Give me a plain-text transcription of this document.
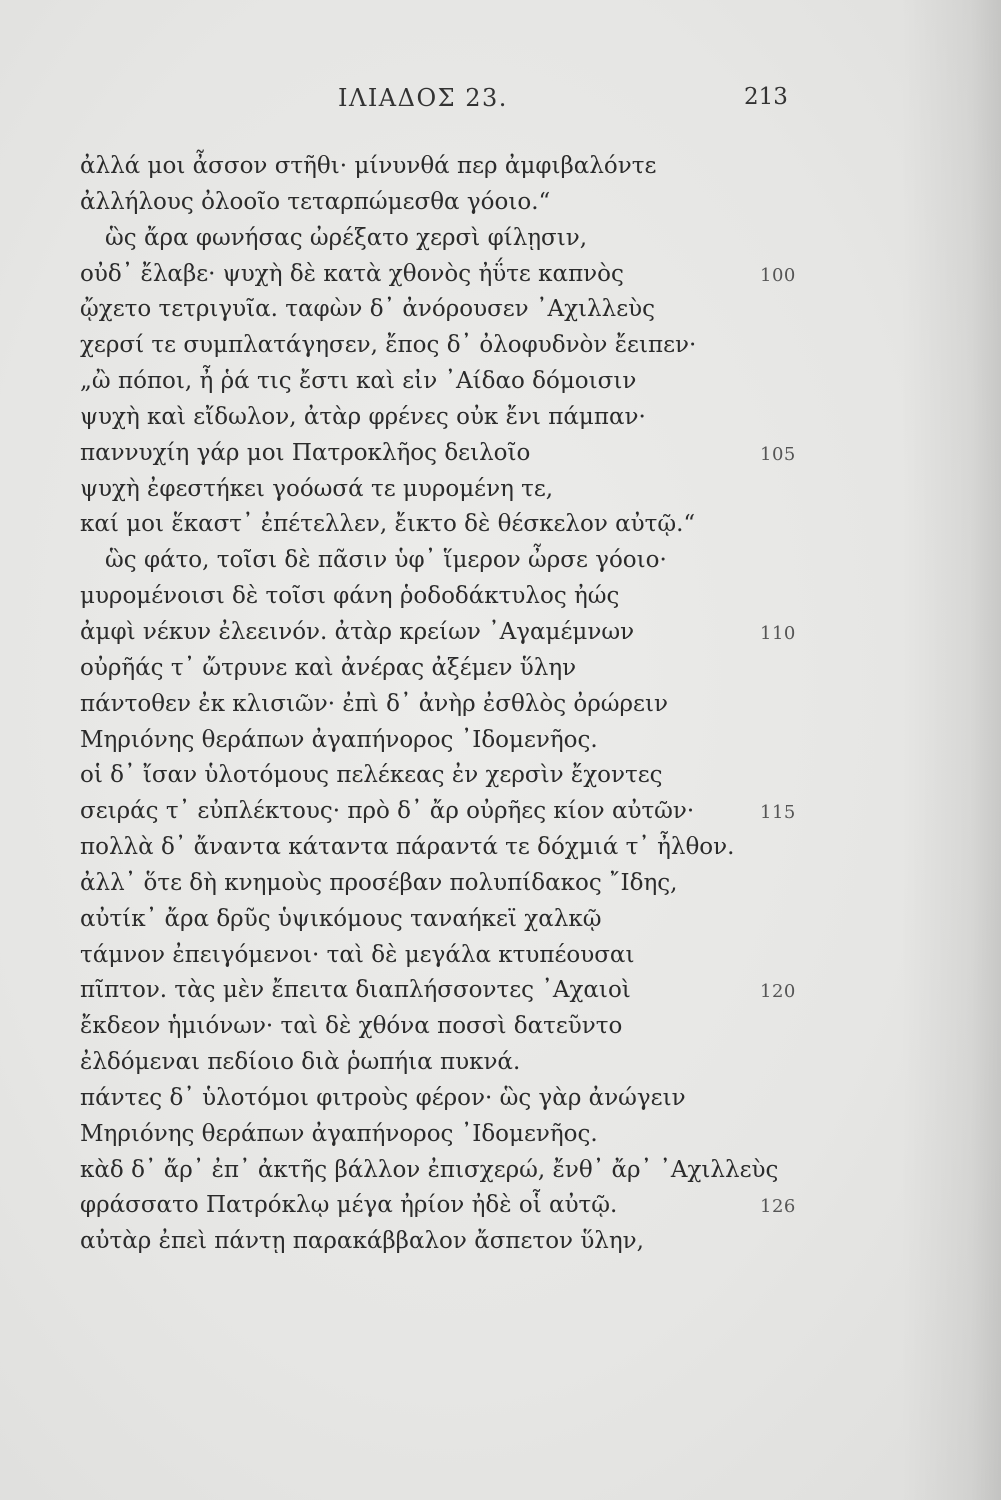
ΙΛΙΑΔΟΣ 23.	213
ἀλλά μοι ἆσσον στῆθι· μίνυνθά περ ἀμφιβαλόντε
ἀλλήλους ὀλοοῖο τεταρπώμεσθα γόοιο.“
ὣς ἄρα φωνήσας ὠρέξατο χερσὶ φίλῃσιν,
οὐδ᾽ ἔλαβε· ψυχὴ δὲ κατὰ χθονὸς ἠΰτε καπνὸς	100
ᾤχετο τετριγυῖα. ταφὼν δ᾽ ἀνόρουσεν ᾽Αχιλλεὺς
χερσί τε συμπλατάγησεν, ἔπος δ᾽ ὀλοφυδνὸν ἔειπεν·
„ὢ πόποι, ἦ ῥά τις ἔστι καὶ εἰν ᾽Αίδαο δόμοισιν
ψυχὴ καὶ εἴδωλον, ἀτὰρ φρένες οὐκ ἔνι πάμπαν·
παννυχίη γάρ μοι Πατροκλῆος δειλοῖο	105
ψυχὴ ἐφεστήκει γοόωσά τε μυρομένη τε,
καί μοι ἕκαστ᾽ ἐπέτελλεν, ἔικτο δὲ θέσκελον αὐτῷ.“
ὣς φάτο, τοῖσι δὲ πᾶσιν ὑφ᾽ ἵμερον ὦρσε γόοιο·
μυρομένοισι δὲ τοῖσι φάνη ῥοδοδάκτυλος ἠώς
ἀμφὶ νέκυν ἐλεεινόν. ἀτὰρ κρείων ᾽Αγαμέμνων	110
οὐρῆάς τ᾽ ὤτρυνε καὶ ἀνέρας ἀξέμεν ὕλην
πάντοθεν ἐκ κλισιῶν· ἐπὶ δ᾽ ἀνὴρ ἐσθλὸς ὀρώρειν
Μηριόνης θεράπων ἀγαπήνορος ᾽Ιδομενῆος.
οἱ δ᾽ ἴσαν ὑλοτόμους πελέκεας ἐν χερσὶν ἔχοντες
σειράς τ᾽ εὐπλέκτους· πρὸ δ᾽ ἄρ οὐρῆες κίον αὐτῶν·	115
πολλὰ δ᾽ ἄναντα κάταντα πάραντά τε δόχμιά τ᾽ ἦλθον.
ἀλλ᾽ ὅτε δὴ κνημοὺς προσέβαν πολυπίδακος ῎Ιδης,
αὐτίκ᾽ ἄρα δρῦς ὑψικόμους ταναήκεϊ χαλκῷ
τάμνον ἐπειγόμενοι· ταὶ δὲ μεγάλα κτυπέουσαι
πῖπτον. τὰς μὲν ἔπειτα διαπλήσσοντες ᾽Αχαιοὶ	120
ἔκδεον ἡμιόνων· ταὶ δὲ χθόνα ποσσὶ δατεῦντο
ἐλδόμεναι πεδίοιο διὰ ῥωπήια πυκνά.
πάντες δ᾽ ὑλοτόμοι φιτροὺς φέρον· ὣς γὰρ ἀνώγειν
Μηριόνης θεράπων ἀγαπήνορος ᾽Ιδομενῆος.
κὰδ δ᾽ ἄρ᾽ ἐπ᾽ ἀκτῆς βάλλον ἐπισχερώ, ἔνθ᾽ ἄρ᾽ ᾽Αχιλλεὺς
φράσσατο Πατρόκλῳ μέγα ἠρίον ἠδὲ οἷ αὐτῷ.	126
αὐτὰρ ἐπεὶ πάντῃ παρακάββαλον ἄσπετον ὕλην,
